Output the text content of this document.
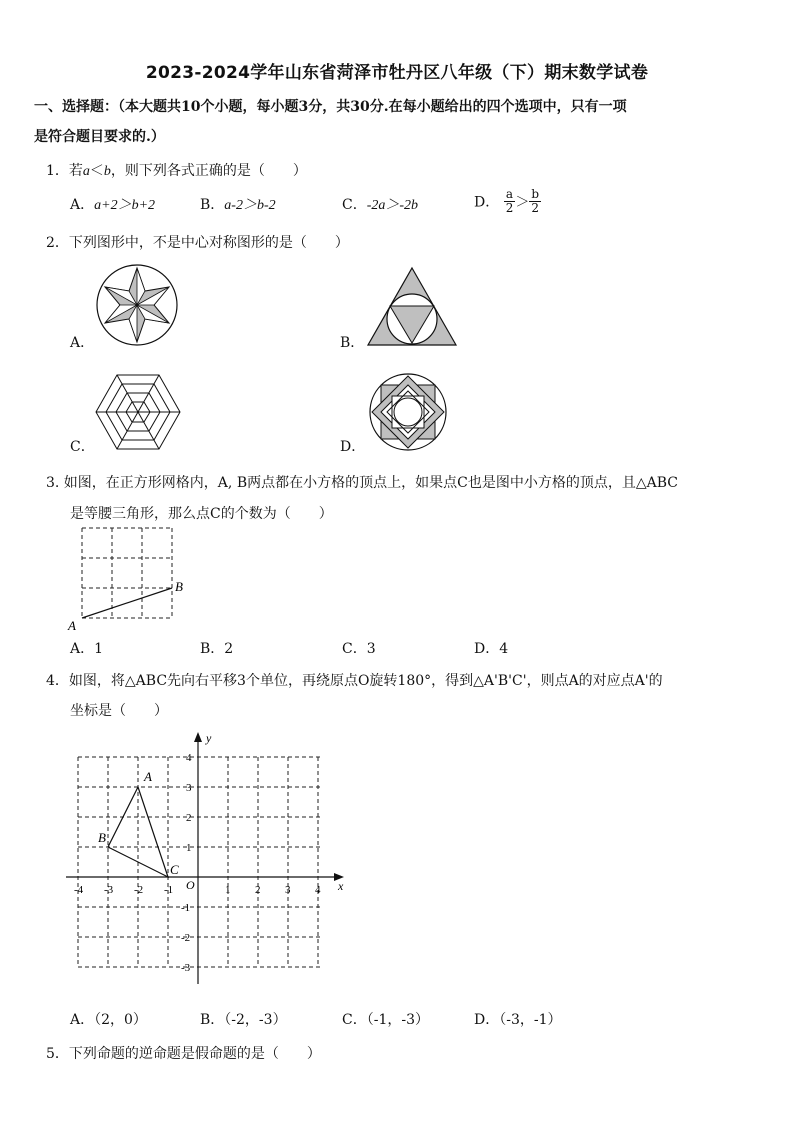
2023-2024学年山东省菏泽市牡丹区八年级（下）期末数学试卷
一、选择题：（本大题共10个小题，每小题3分，共30分.在每小题给出的四个选项中，只有一项
是符合题目要求的.）
1．若a＜b，则下列各式正确的是（　　）
A．a+2＞b+2	B．a-2＞b-2	C．-2a＞-2b	D． $\frac{a}{2} > \frac{b}{2}$
2．下列图形中，不是中心对称图形的是（　　）
A．	B．
C．	D．
3. 如图，在正方形网格内，A, B两点都在小方格的顶点上，如果点C也是图中小方格的顶点，且△ABC
是等腰三角形，那么点C的个数为（　　）
A
B
A．1	B．2	C．3	D．4
4．如图，将△ABC先向右平移3个单位，再绕原点O旋转180°，得到△A'B'C'，则点A的对应点A'的
坐标是（　　）
x
y
O
-4 -3 -2 -1	1 2 3 4
4
3
2
1
-1
-2
-3
A
B
C
A．（2，0）	B．（-2，-3）	C．（-1，-3）	D．（-3，-1）
5．下列命题的逆命题是假命题的是（　　）
